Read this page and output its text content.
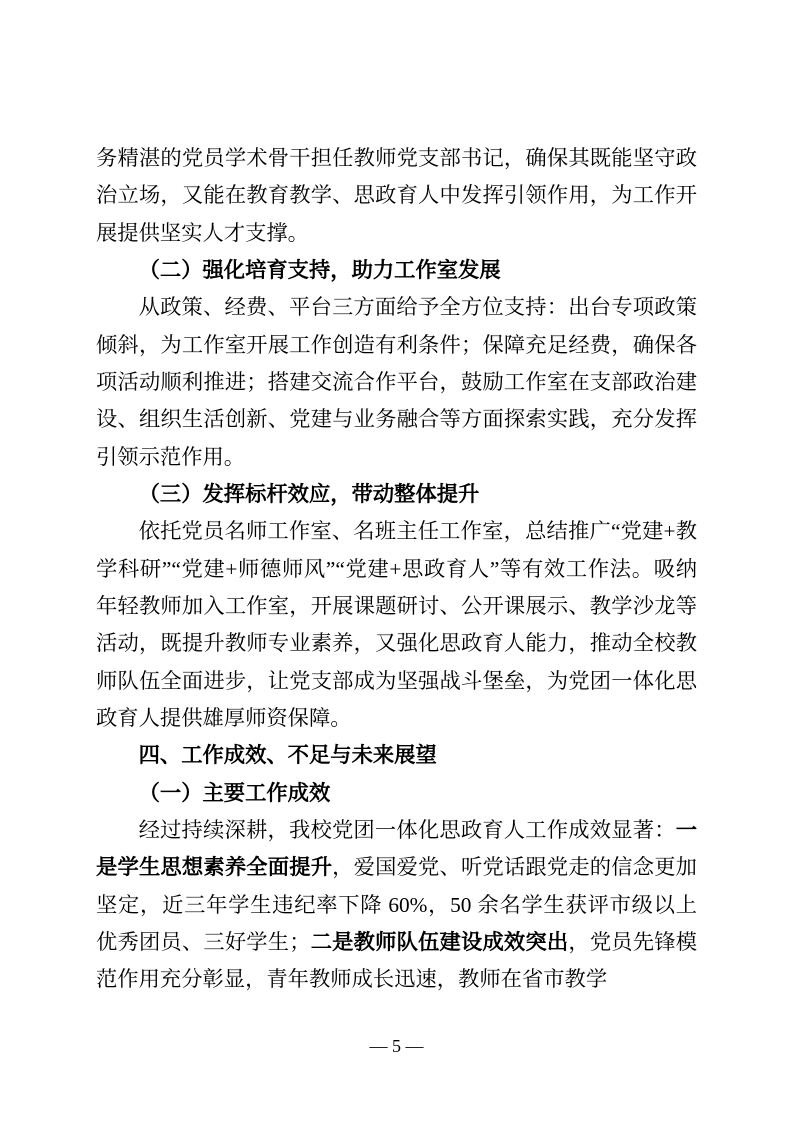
务精湛的党员学术骨干担任教师党支部书记，确保其既能坚守政治立场，又能在教育教学、思政育人中发挥引领作用，为工作开展提供坚实人才支撑。

（二）强化培育支持，助力工作室发展

从政策、经费、平台三方面给予全方位支持：出台专项政策倾斜，为工作室开展工作创造有利条件；保障充足经费，确保各项活动顺利推进；搭建交流合作平台，鼓励工作室在支部政治建设、组织生活创新、党建与业务融合等方面探索实践，充分发挥引领示范作用。

（三）发挥标杆效应，带动整体提升

依托党员名师工作室、名班主任工作室，总结推广“党建+教学科研”“党建+师德师风”“党建+思政育人”等有效工作法。吸纳年轻教师加入工作室，开展课题研讨、公开课展示、教学沙龙等活动，既提升教师专业素养，又强化思政育人能力，推动全校教师队伍全面进步，让党支部成为坚强战斗堡垒，为党团一体化思政育人提供雄厚师资保障。

四、工作成效、不足与未来展望

（一）主要工作成效

经过持续深耕，我校党团一体化思政育人工作成效显著：一是学生思想素养全面提升，爱国爱党、听党话跟党走的信念更加坚定，近三年学生违纪率下降 60%，50 余名学生获评市级以上优秀团员、三好学生；二是教师队伍建设成效突出，党员先锋模范作用充分彰显，青年教师成长迅速，教师在省市教学

— 5 —
